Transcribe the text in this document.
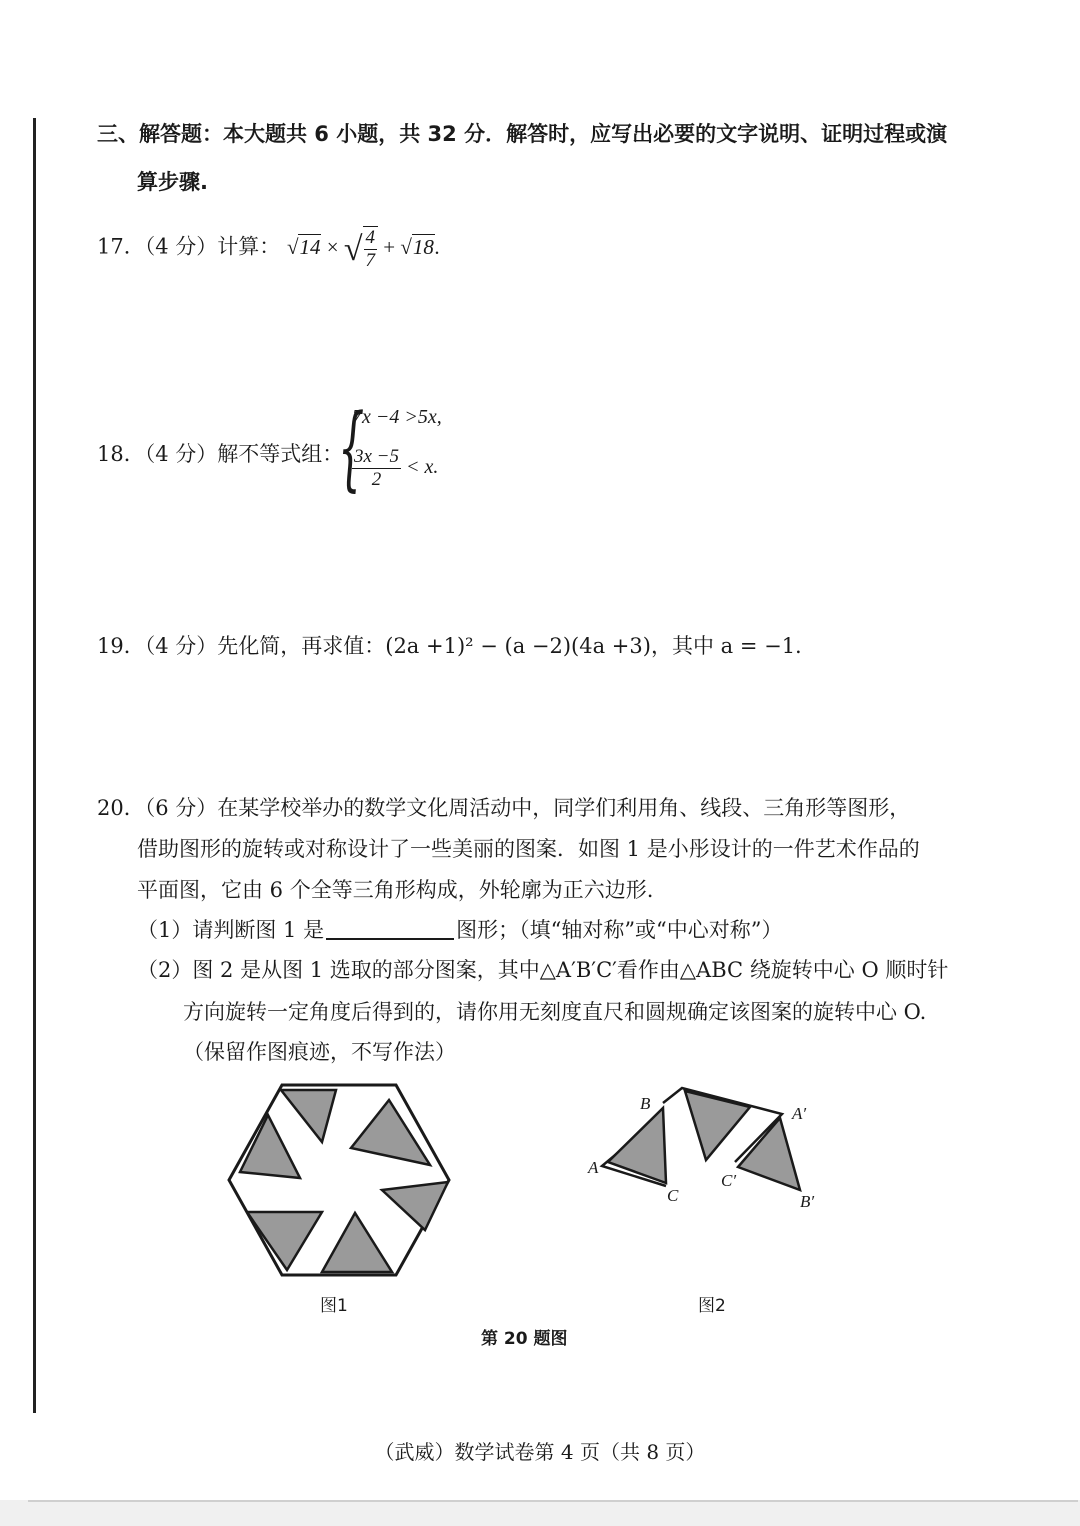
三、解答题：本大题共 6 小题，共 32 分．解答时，应写出必要的文字说明、证明过程或演
算步骤.
17．（4 分）计算： √14 × √ $\frac{4}{7} + √18$.
18．（4 分）解不等式组：
{
7x −4 >5x,
$\frac{3x -5}{2} < x$.
19．（4 分）先化简，再求值：(2a +1)² − (a −2)(4a +3)，其中 a = −1.
20．（6 分）在某学校举办的数学文化周活动中，同学们利用角、线段、三角形等图形，
借助图形的旋转或对称设计了一些美丽的图案．如图 1 是小彤设计的一件艺术作品的
平面图，它由 6 个全等三角形构成，外轮廓为正六边形.
（1）请判断图 1 是	图形；（填“轴对称”或“中心对称”）
（2）图 2 是从图 1 选取的部分图案，其中△A′B′C′看作由△ABC 绕旋转中心 O 顺时针
方向旋转一定角度后得到的，请你用无刻度直尺和圆规确定该图案的旋转中心 O.
（保留作图痕迹，不写作法）
图1
B
A
C
A′
C′
B′
图2
第 20 题图
（武威）数学试卷第 4 页（共 8 页）
